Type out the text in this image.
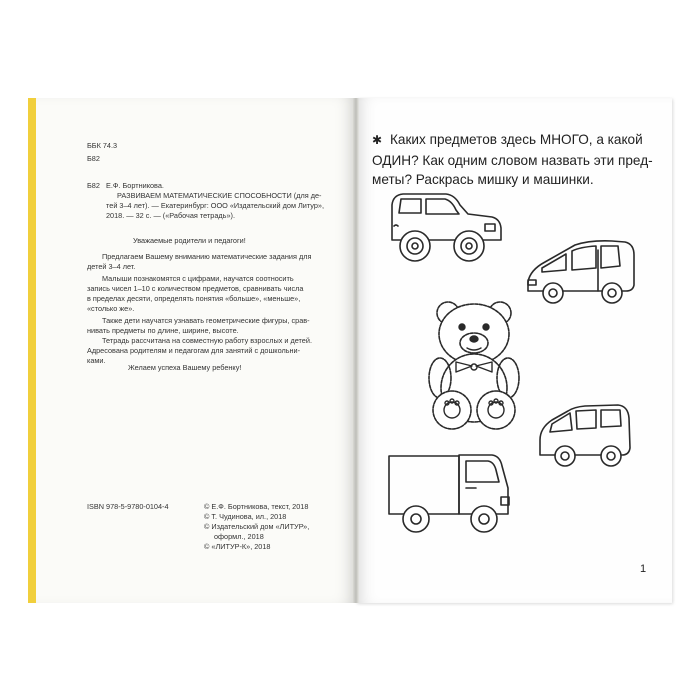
ББК 74.3
Б82
Б82 Е.Ф. Бортникова.
РАЗВИВАЕМ МАТЕМАТИЧЕСКИЕ СПОСОБНОСТИ (для де-
тей 3–4 лет). — Екатеринбург: ООО «Издательский дом Литур»,
2018. — 32 с. — («Рабочая тетрадь»).
Уважаемые родители и педагоги!
Предлагаем Вашему вниманию математические задания для
детей 3–4 лет.
Малыши познакомятся с цифрами, научатся соотносить
запись чисел 1–10 с количеством предметов, сравнивать числа
в пределах десяти, определять понятия «больше», «меньше»,
«столько же».
Также дети научатся узнавать геометрические фигуры, срав-
нивать предметы по длине, ширине, высоте.
Тетрадь рассчитана на совместную работу взрослых и детей.
Адресована родителям и педагогам для занятий с дошкольни-
ками.
Желаем успеха Вашему ребенку!
ISBN 978-5-9780-0104-4	© Е.Ф. Бортникова, текст, 2018
© Т. Чудинова, ил., 2018
© Издательский дом «ЛИТУР»,
оформл., 2018
© «ЛИТУР-К», 2018
✱ Каких предметов здесь МНОГО, а какой
ОДИН? Как одним словом назвать эти пред-
меты? Раскрась мишку и машинки.
1
